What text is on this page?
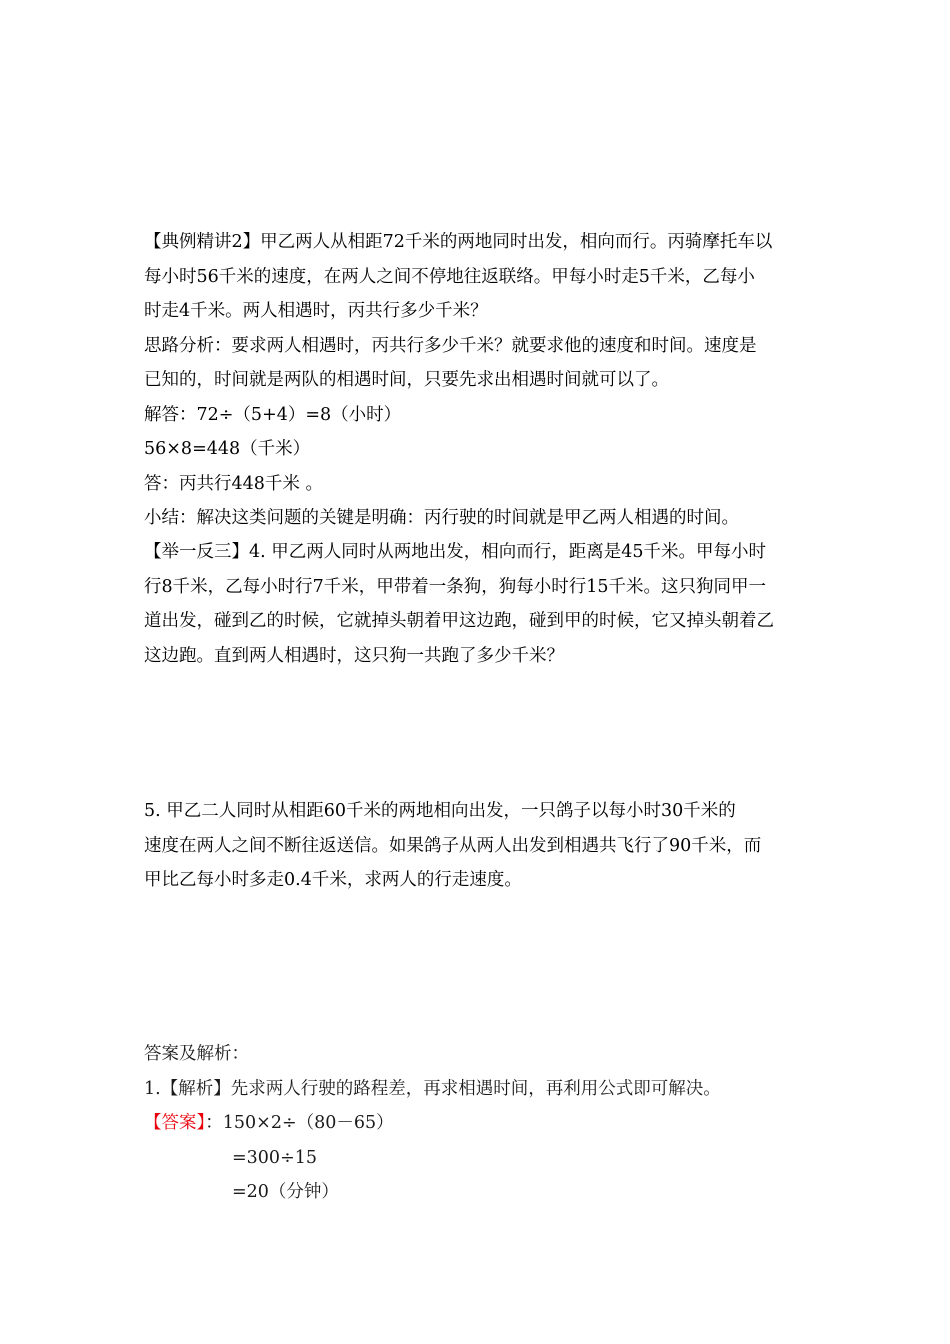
【典例精讲2】甲乙两人从相距72千米的两地同时出发，相向而行。丙骑摩托车以
每小时56千米的速度，在两人之间不停地往返联络。甲每小时走5千米，乙每小
时走4千米。两人相遇时，丙共行多少千米？
思路分析：要求两人相遇时，丙共行多少千米？就要求他的速度和时间。速度是
已知的，时间就是两队的相遇时间，只要先求出相遇时间就可以了。
解答：72÷（5+4）=8（小时）
56×8=448（千米）
答：丙共行448千米 。
小结：解决这类问题的关键是明确：丙行驶的时间就是甲乙两人相遇的时间。
【举一反三】4. 甲乙两人同时从两地出发，相向而行，距离是45千米。甲每小时
行8千米，乙每小时行7千米，甲带着一条狗，狗每小时行15千米。这只狗同甲一
道出发，碰到乙的时候，它就掉头朝着甲这边跑，碰到甲的时候，它又掉头朝着乙
这边跑。直到两人相遇时，这只狗一共跑了多少千米？
5. 甲乙二人同时从相距60千米的两地相向出发，一只鸽子以每小时30千米的
速度在两人之间不断往返送信。如果鸽子从两人出发到相遇共飞行了90千米，而
甲比乙每小时多走0.4千米，求两人的行走速度。
答案及解析：
1.【解析】先求两人行驶的路程差，再求相遇时间，再利用公式即可解决。
【答案】：150×2÷（80－65）
=300÷15
=20（分钟）
